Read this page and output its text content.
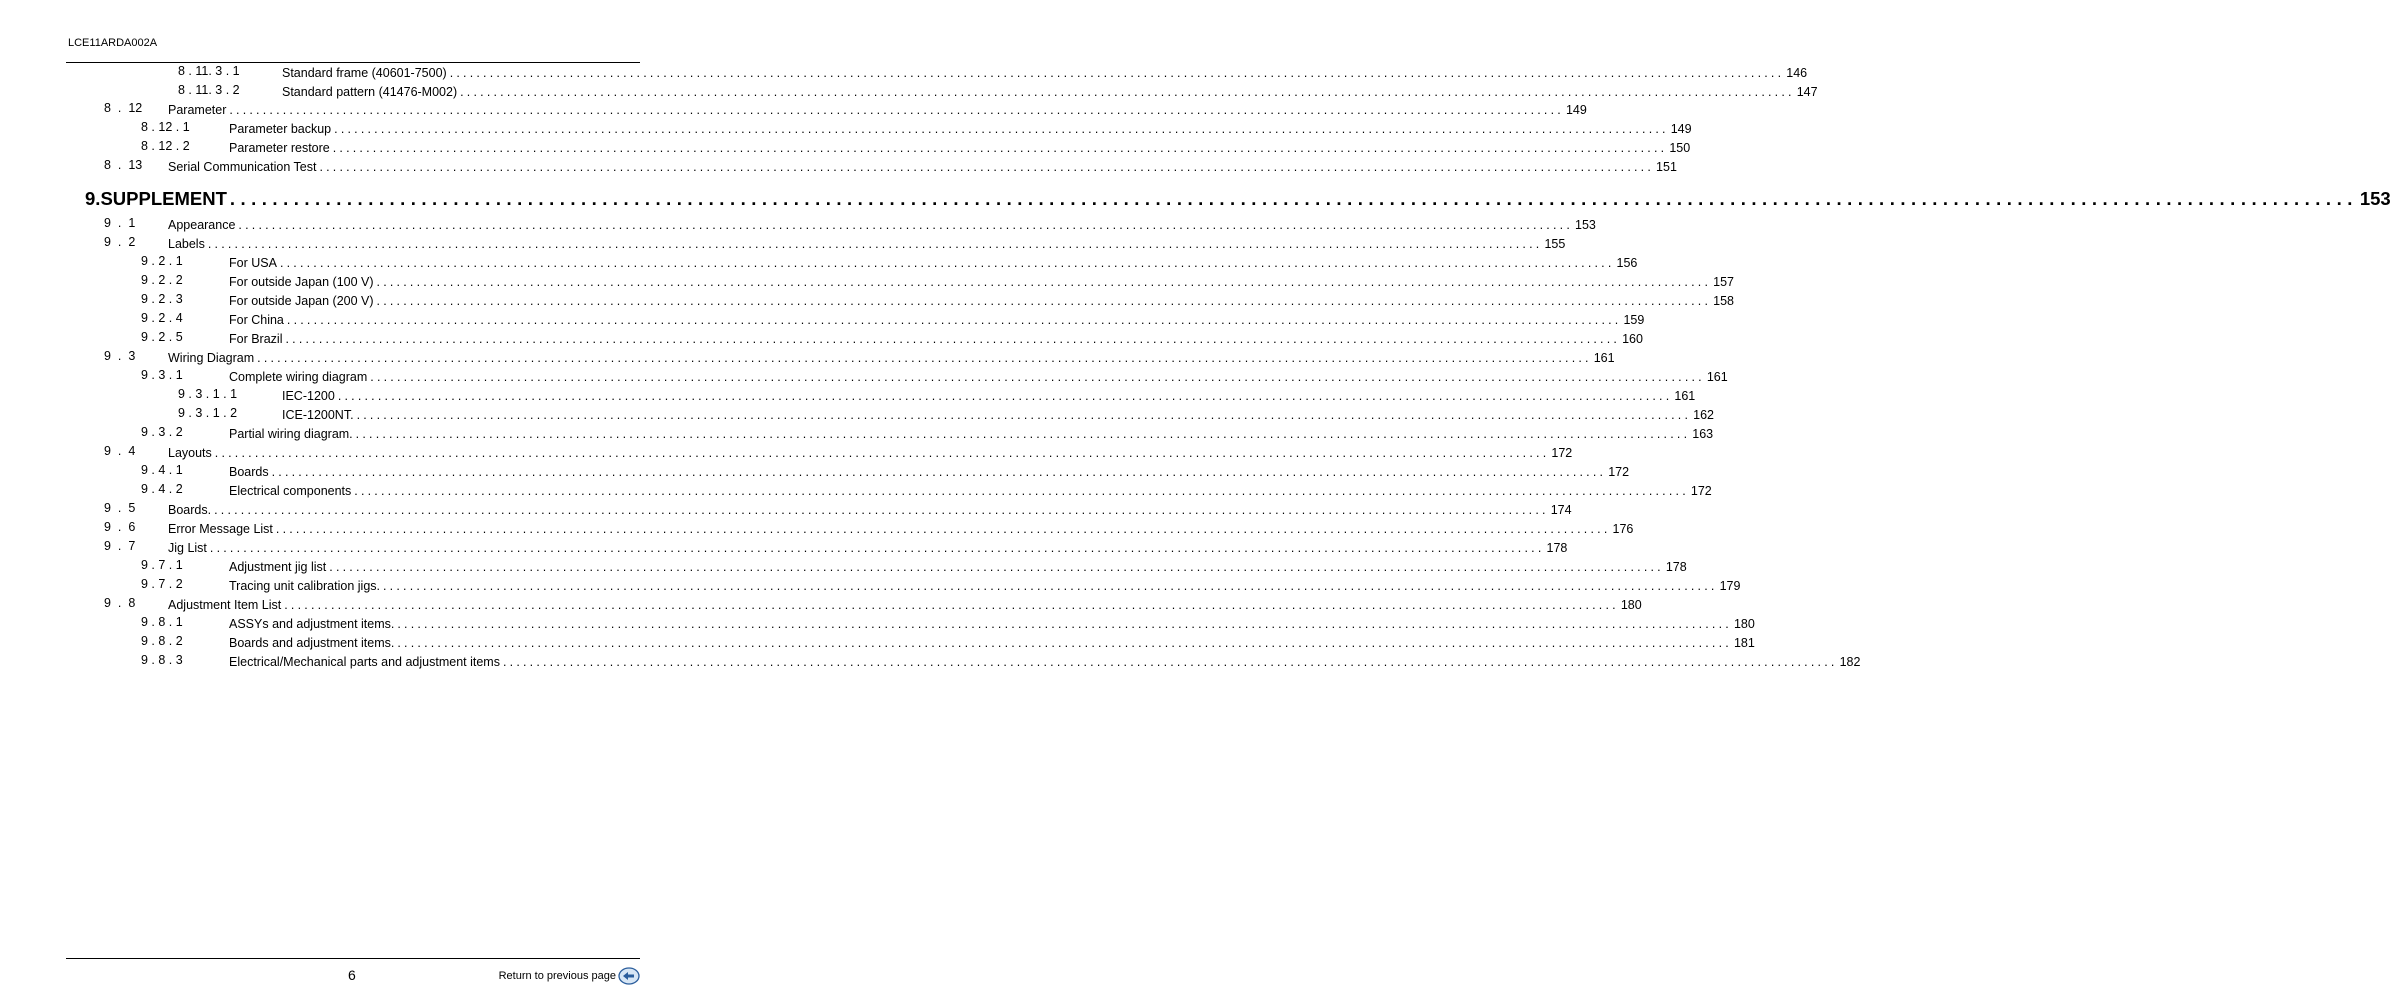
LCE11ARDA002A
8 . 11. 3 . 1	Standard frame (40601-7500) ........................................................................................................................................................................................................ 146
8 . 11. 3 . 2	Standard pattern (41476-M002) ........................................................................................................................................................................................................ 147
8  .  12 Parameter ........................................................................................................................................................................................................ 149
8 . 12 . 1	Parameter backup ........................................................................................................................................................................................................ 149
8 . 12 . 2	Parameter restore ........................................................................................................................................................................................................ 150
8  .  13 Serial Communication Test ........................................................................................................................................................................................................ 151
9. SUPPLEMENT ........................................................................................................................................................................................................ 153
9  .  1	Appearance ........................................................................................................................................................................................................ 153
9  .  2	Labels ........................................................................................................................................................................................................ 155
9 . 2 . 1	For USA ........................................................................................................................................................................................................ 156
9 . 2 . 2	For outside Japan (100 V) ........................................................................................................................................................................................................ 157
9 . 2 . 3	For outside Japan (200 V) ........................................................................................................................................................................................................ 158
9 . 2 . 4	For China ........................................................................................................................................................................................................ 159
9 . 2 . 5	For Brazil ........................................................................................................................................................................................................ 160
9  .  3	Wiring Diagram ........................................................................................................................................................................................................ 161
9 . 3 . 1	Complete wiring diagram ........................................................................................................................................................................................................ 161
9 . 3 . 1 . 1	IEC-1200 ........................................................................................................................................................................................................ 161
9 . 3 . 1 . 2	ICE-1200NT. ........................................................................................................................................................................................................ 162
9 . 3 . 2	Partial wiring diagram. ........................................................................................................................................................................................................ 163
9  .  4	Layouts ........................................................................................................................................................................................................ 172
9 . 4 . 1	Boards ........................................................................................................................................................................................................ 172
9 . 4 . 2	Electrical components ........................................................................................................................................................................................................ 172
9  .  5	Boards. ........................................................................................................................................................................................................ 174
9  .  6	Error Message List ........................................................................................................................................................................................................ 176
9  .  7	Jig List ........................................................................................................................................................................................................ 178
9 . 7 . 1	Adjustment jig list ........................................................................................................................................................................................................ 178
9 . 7 . 2	Tracing unit calibration jigs. ........................................................................................................................................................................................................ 179
9  .  8	Adjustment Item List ........................................................................................................................................................................................................ 180
9 . 8 . 1	ASSYs and adjustment items. ........................................................................................................................................................................................................ 180
9 . 8 . 2	Boards and adjustment items. ........................................................................................................................................................................................................ 181
9 . 8 . 3	Electrical/Mechanical parts and adjustment items ........................................................................................................................................................................................................ 182
6	Return to previous page
